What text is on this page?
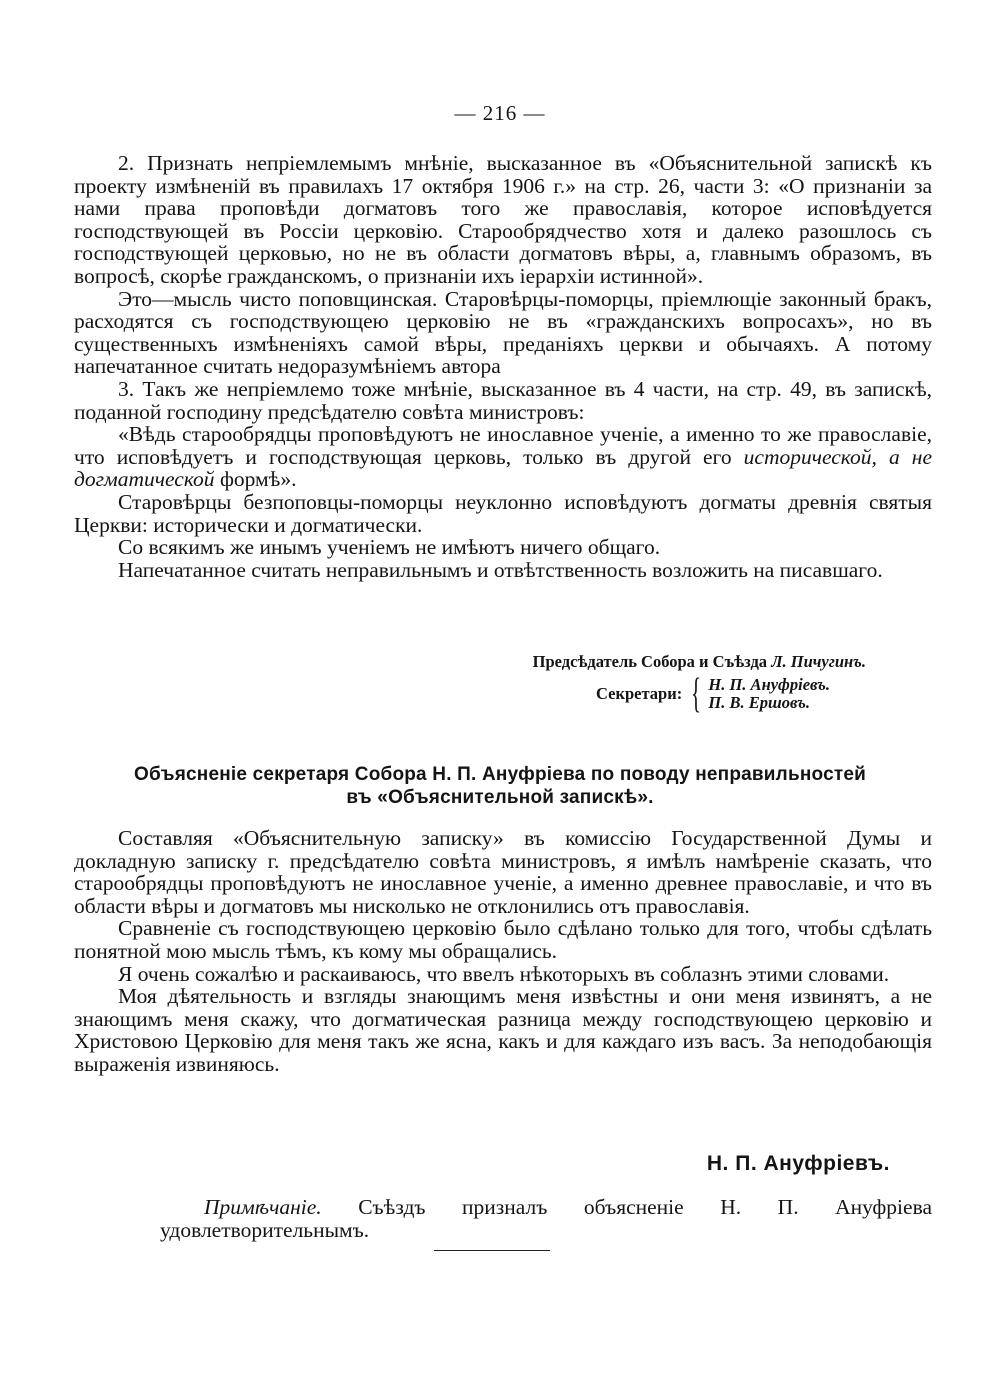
— 216 —

2. Признать непріемлемымъ мнѣніе, высказанное въ «Объяснительной запискѣ къ проекту измѣненій въ правилахъ 17 октября 1906 г.» на стр. 26, части 3: «О признаніи за нами права проповѣди догматовъ того же православія, которое исповѣдуется господствующей въ Россіи церковію. Старообрядчество хотя и далеко разошлось съ господствующей церковью, но не въ области догматовъ вѣры, а, главнымъ образомъ, въ вопросѣ, скорѣе гражданскомъ, о признаніи ихъ іерархіи истинной».

Это—мысль чисто поповщинская. Старовѣрцы-поморцы, пріемлющіе законный бракъ, расходятся съ господствующею церковію не въ «гражданскихъ вопросахъ», но въ существенныхъ измѣненіяхъ самой вѣры, преданіяхъ церкви и обычаяхъ. А потому напечатанное считать недоразумѣніемъ автора

3. Такъ же непріемлемо тоже мнѣніе, высказанное въ 4 части, на стр. 49, въ запискѣ, поданной господину предсѣдателю совѣта министровъ:

«Вѣдь старообрядцы проповѣдуютъ не инославное ученіе, а именно то же православіе, что исповѣдуетъ и господствующая церковь, только въ другой его исторической, а не догматической формѣ».

Старовѣрцы безпоповцы-поморцы неуклонно исповѣдуютъ догматы древнія святыя Церкви: исторически и догматически.

Со всякимъ же инымъ ученіемъ не имѣютъ ничего общаго.

Напечатанное считать неправильнымъ и отвѣтственность возложить на писавшаго.

Предсѣдатель Собора и Съѣзда Л. Пичугинъ.
Секретари: { Н. П. Ануфріевъ.
П. В. Ершовъ.
Объясненіе секретаря Собора Н. П. Ануфріева по поводу неправильностей
въ «Объяснительной запискѣ».

Составляя «Объяснительную записку» въ комиссію Государственной Думы и докладную записку г. предсѣдателю совѣта министровъ, я имѣлъ намѣреніе сказать, что старообрядцы проповѣдуютъ не инославное ученіе, а именно древнее православіе, и что въ области вѣры и догматовъ мы нисколько не отклонились отъ православія.

Сравненіе съ господствующею церковію было сдѣлано только для того, чтобы сдѣлать понятной мою мысль тѣмъ, къ кому мы обращались.

Я очень сожалѣю и раскаиваюсь, что ввелъ нѣкоторыхъ въ соблазнъ этими словами.

Моя дѣятельность и взгляды знающимъ меня извѣстны и они меня извинятъ, а не знающимъ меня скажу, что догматическая разница между господствующею церковію и Христовою Церковію для меня такъ же ясна, какъ и для каждаго изъ васъ. За неподобающія выраженія извиняюсь.

Н. П. Ануфріевъ.
Примѣчаніе. Съѣздъ призналъ объясненіе Н. П. Ануфріева удовлетворительнымъ.
